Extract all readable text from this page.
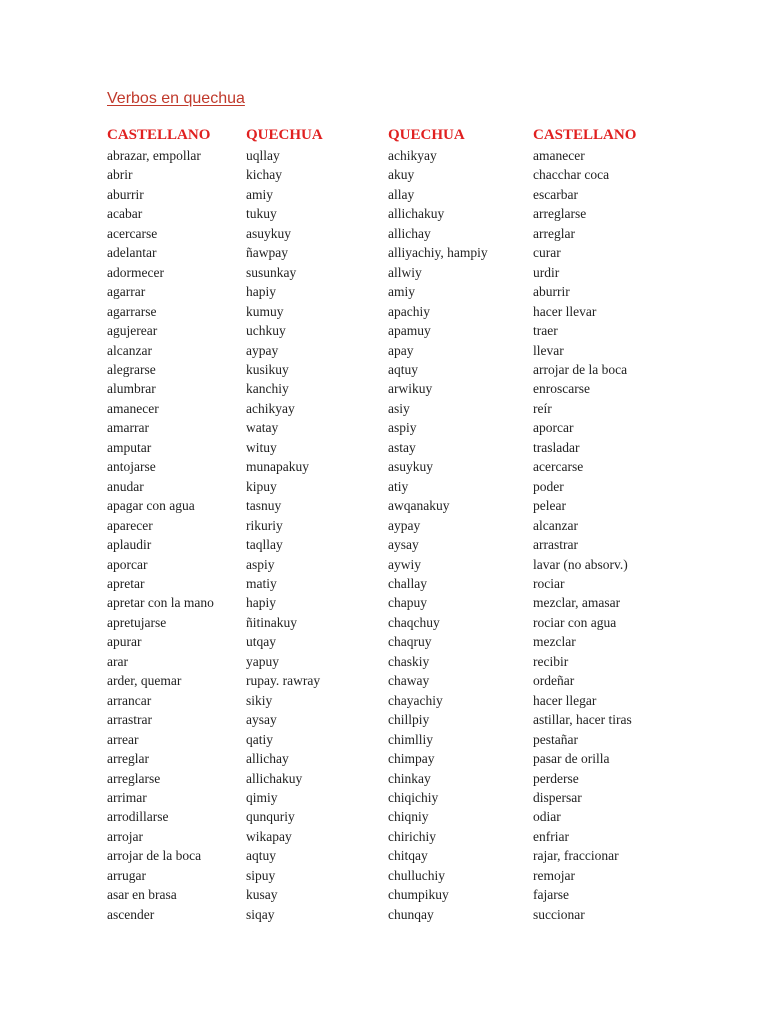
Verbos en quechua
CASTELLANO	QUECHUA	QUECHUA	CASTELLANO
abrazar, empollar	uqllay	achikyay	amanecer
abrir	kichay	akuy	chacchar coca
aburrir	amiy	allay	escarbar
acabar	tukuy	allichakuy	arreglarse
acercarse	asuykuy	allichay	arreglar
adelantar	ñawpay	alliyachiy, hampiy	curar
adormecer	susunkay	allwiy	urdir
agarrar	hapiy	amiy	aburrir
agarrarse	kumuy	apachiy	hacer llevar
agujerear	uchkuy	apamuy	traer
alcanzar	aypay	apay	llevar
alegrarse	kusikuy	aqtuy	arrojar de la boca
alumbrar	kanchiy	arwikuy	enroscarse
amanecer	achikyay	asiy	reír
amarrar	watay	aspiy	aporcar
amputar	wituy	astay	trasladar
antojarse	munapakuy	asuykuy	acercarse
anudar	kipuy	atiy	poder
apagar con agua	tasnuy	awqanakuy	pelear
aparecer	rikuriy	aypay	alcanzar
aplaudir	taqllay	aysay	arrastrar
aporcar	aspiy	aywiy	lavar (no absorv.)
apretar	matiy	challay	rociar
apretar con la mano	hapiy	chapuy	mezclar, amasar
apretujarse	ñitinakuy	chaqchuy	rociar con agua
apurar	utqay	chaqruy	mezclar
arar	yapuy	chaskiy	recibir
arder, quemar	rupay. rawray	chaway	ordeñar
arrancar	sikiy	chayachiy	hacer llegar
arrastrar	aysay	chillpiy	astillar, hacer tiras
arrear	qatiy	chimlliy	pestañar
arreglar	allichay	chimpay	pasar de orilla
arreglarse	allichakuy	chinkay	perderse
arrimar	qimiy	chiqichiy	dispersar
arrodillarse	qunquriy	chiqniy	odiar
arrojar	wikapay	chirichiy	enfriar
arrojar de la boca	aqtuy	chitqay	rajar, fraccionar
arrugar	sipuy	chulluchiy	remojar
asar en brasa	kusay	chumpikuy	fajarse
ascender	siqay	chunqay	succionar
